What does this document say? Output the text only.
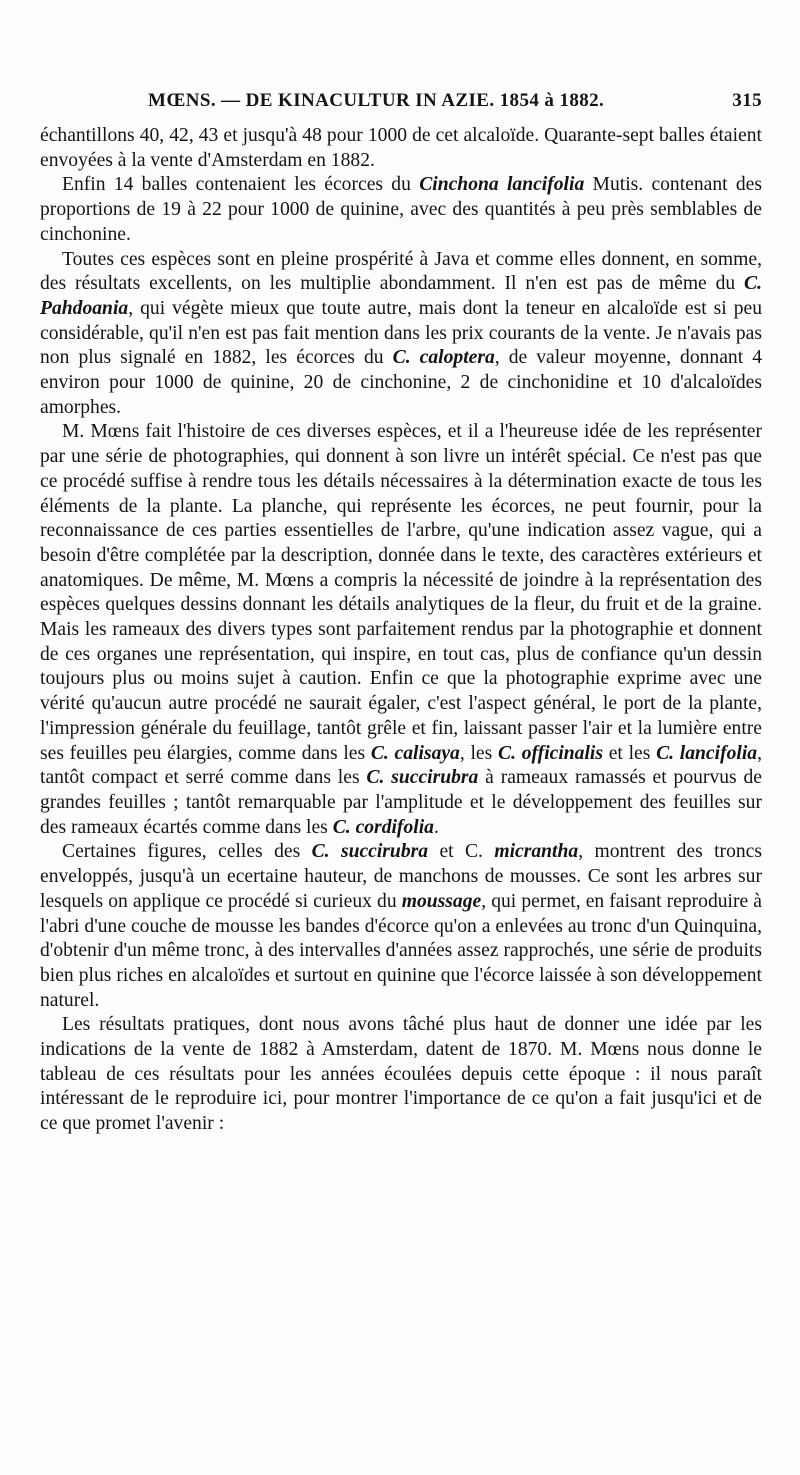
MŒNS. — DE KINACULTUR IN AZIE. 1854 à 1882.	315

échantillons 40, 42, 43 et jusqu'à 48 pour 1000 de cet alcaloïde. Quarante-sept balles étaient envoyées à la vente d'Amsterdam en 1882.

Enfin 14 balles contenaient les écorces du Cinchona lancifolia Mutis. contenant des proportions de 19 à 22 pour 1000 de quinine, avec des quantités à peu près semblables de cinchonine.

Toutes ces espèces sont en pleine prospérité à Java et comme elles donnent, en somme, des résultats excellents, on les multiplie abondamment. Il n'en est pas de même du C. Pahdoania, qui végète mieux que toute autre, mais dont la teneur en alcaloïde est si peu considérable, qu'il n'en est pas fait mention dans les prix courants de la vente. Je n'avais pas non plus signalé en 1882, les écorces du C. caloptera, de valeur moyenne, donnant 4 environ pour 1000 de quinine, 20 de cinchonine, 2 de cinchonidine et 10 d'alcaloïdes amorphes.

M. Mœns fait l'histoire de ces diverses espèces, et il a l'heureuse idée de les représenter par une série de photographies, qui donnent à son livre un intérêt spécial. Ce n'est pas que ce procédé suffise à rendre tous les détails nécessaires à la détermination exacte de tous les éléments de la plante. La planche, qui représente les écorces, ne peut fournir, pour la reconnaissance de ces parties essentielles de l'arbre, qu'une indication assez vague, qui a besoin d'être complétée par la description, donnée dans le texte, des caractères extérieurs et anatomiques. De même, M. Mœns a compris la nécessité de joindre à la représentation des espèces quelques dessins donnant les détails analytiques de la fleur, du fruit et de la graine. Mais les rameaux des divers types sont parfaitement rendus par la photographie et donnent de ces organes une représentation, qui inspire, en tout cas, plus de confiance qu'un dessin toujours plus ou moins sujet à caution. Enfin ce que la photographie exprime avec une vérité qu'aucun autre procédé ne saurait égaler, c'est l'aspect général, le port de la plante, l'impression générale du feuillage, tantôt grêle et fin, laissant passer l'air et la lumière entre ses feuilles peu élargies, comme dans les C. calisaya, les C. officinalis et les C. lancifolia, tantôt compact et serré comme dans les C. succirubra à rameaux ramassés et pourvus de grandes feuilles ; tantôt remarquable par l'amplitude et le développement des feuilles sur des rameaux écartés comme dans les C. cordifolia.

Certaines figures, celles des C. succirubra et C. micrantha, montrent des troncs enveloppés, jusqu'à un ecertaine hauteur, de manchons de mousses. Ce sont les arbres sur lesquels on applique ce procédé si curieux du moussage, qui permet, en faisant reproduire à l'abri d'une couche de mousse les bandes d'écorce qu'on a enlevées au tronc d'un Quinquina, d'obtenir d'un même tronc, à des intervalles d'années assez rapprochés, une série de produits bien plus riches en alcaloïdes et surtout en quinine que l'écorce laissée à son développement naturel.

Les résultats pratiques, dont nous avons tâché plus haut de donner une idée par les indications de la vente de 1882 à Amsterdam, datent de 1870. M. Mœns nous donne le tableau de ces résultats pour les années écoulées depuis cette époque : il nous paraît intéressant de le reproduire ici, pour montrer l'importance de ce qu'on a fait jusqu'ici et de ce que promet l'avenir :
